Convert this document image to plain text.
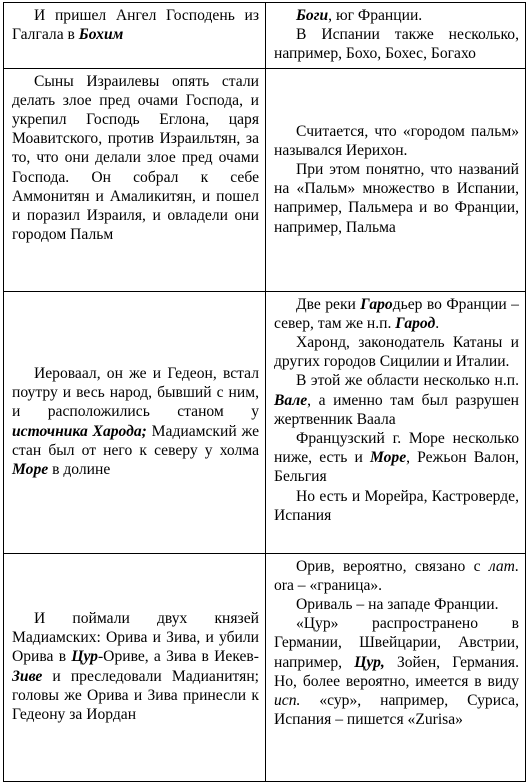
И пришел Ангел Господень из Галгала в Бохим	Боги, юг Франции.

В Испании также несколько, например, Бохо, Бохес, Богахо

Сыны Израилевы опять стали делать злое пред очами Господа, и укрепил Господь Еглона, царя Моавитского, против Израильтян, за то, что они делали злое пред очами Господа. Он собрал к себе Аммонитян и Амаликитян, и пошел и поразил Израиля, и овладели они городом Пальм	Считается, что «городом пальм» назывался Иерихон.

При этом понятно, что названий на «Пальм» множество в Испании, например, Пальмера и во Франции, например, Пальма

Иероваал, он же и Гедеон, встал поутру и весь народ, бывший с ним, и расположились станом у источника Харода; Мадиамский же стан был от него к северу у холма Море в долине	Две реки Гародьер во Франции – север, там же н.п. Гарод.

Харонд, законодатель Катаны и других городов Сицилии и Италии.

В этой же области несколько н.п. Вале, а именно там был разрушен жертвенник Ваала

Французский г. Море несколько ниже, есть и Море, Режьон Валон, Бельгия

Но есть и Морейра, Кастроверде, Испания

И поймали двух князей Мадиамских: Орива и Зива, и убили Орива в Цур-Ориве, а Зива в Иекев-Зиве и преследовали Мадианитян; головы же Орива и Зива принесли к Гедеону за Иордан	Орив, вероятно, связано с лат. ora – «граница».

Ориваль – на западе Франции.

«Цур» распространено в Германии, Швейцарии, Австрии, например, Цур, Зойен, Германия. Но, более вероятно, имеется в виду исп. «сур», например, Суриса, Испания – пишется «Zurisa»
